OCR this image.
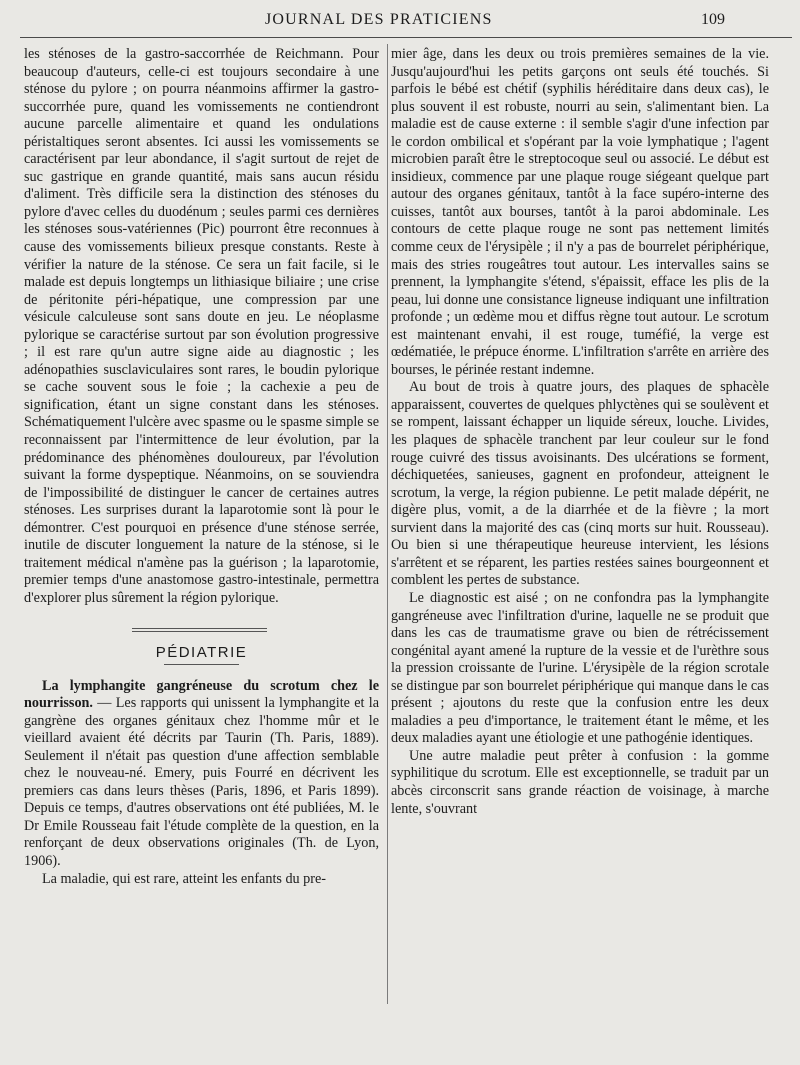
JOURNAL DES PRATICIENS	109

les sténoses de la gastro-saccorrhée de Reichmann. Pour beaucoup d'auteurs, celle-ci est toujours secondaire à une sténose du pylore ; on pourra néanmoins affirmer la gastro-succorrhée pure, quand les vomissements ne contiendront aucune parcelle alimentaire et quand les ondulations péristaltiques seront absentes. Ici aussi les vomissements se caractérisent par leur abondance, il s'agit surtout de rejet de suc gastrique en grande quantité, mais sans aucun résidu d'aliment. Très difficile sera la distinction des sténoses du pylore d'avec celles du duodénum ; seules parmi ces dernières les sténoses sous-vatériennes (Pic) pourront être reconnues à cause des vomissements bilieux presque constants. Reste à vérifier la nature de la sténose. Ce sera un fait facile, si le malade est depuis longtemps un lithiasique biliaire ; une crise de péritonite péri-hépatique, une compression par une vésicule calculeuse sont sans doute en jeu. Le néoplasme pylorique se caractérise surtout par son évolution progressive ; il est rare qu'un autre signe aide au diagnostic ; les adénopathies susclaviculaires sont rares, le boudin pylorique se cache souvent sous le foie ; la cachexie a peu de signification, étant un signe constant dans les sténoses. Schématiquement l'ulcère avec spasme ou le spasme simple se reconnaissent par l'intermittence de leur évolution, par la prédominance des phénomènes douloureux, par l'évolution suivant la forme dyspeptique. Néanmoins, on se souviendra de l'impossibilité de distinguer le cancer de certaines autres sténoses. Les surprises durant la laparotomie sont là pour le démontrer. C'est pourquoi en présence d'une sténose serrée, inutile de discuter longuement la nature de la sténose, si le traitement médical n'amène pas la guérison ; la laparotomie, premier temps d'une anastomose gastro-intestinale, permettra d'explorer plus sûrement la région pylorique.

PÉDIATRIE

La lymphangite gangréneuse du scrotum chez le nourrisson. — Les rapports qui unissent la lymphangite et la gangrène des organes génitaux chez l'homme mûr et le vieillard avaient été décrits par Taurin (Th. Paris, 1889). Seulement il n'était pas question d'une affection semblable chez le nouveau-né. Emery, puis Fourré en décrivent les premiers cas dans leurs thèses (Paris, 1896, et Paris 1899). Depuis ce temps, d'autres observations ont été publiées, M. le Dr Emile Rousseau fait l'étude complète de la question, en la renforçant de deux observations originales (Th. de Lyon, 1906).

La maladie, qui est rare, atteint les enfants du pre-

mier âge, dans les deux ou trois premières semaines de la vie. Jusqu'aujourd'hui les petits garçons ont seuls été touchés. Si parfois le bébé est chétif (syphilis héréditaire dans deux cas), le plus souvent il est robuste, nourri au sein, s'alimentant bien. La maladie est de cause externe : il semble s'agir d'une infection par le cordon ombilical et s'opérant par la voie lymphatique ; l'agent microbien paraît être le streptocoque seul ou associé. Le début est insidieux, commence par une plaque rouge siégeant quelque part autour des organes génitaux, tantôt à la face supéro-interne des cuisses, tantôt aux bourses, tantôt à la paroi abdominale. Les contours de cette plaque rouge ne sont pas nettement limités comme ceux de l'érysipèle ; il n'y a pas de bourrelet périphérique, mais des stries rougeâtres tout autour. Les intervalles sains se prennent, la lymphangite s'étend, s'épaissit, efface les plis de la peau, lui donne une consistance ligneuse indiquant une infiltration profonde ; un œdème mou et diffus règne tout autour. Le scrotum est maintenant envahi, il est rouge, tuméfié, la verge est œdématiée, le prépuce énorme. L'infiltration s'arrête en arrière des bourses, le périnée restant indemne.

Au bout de trois à quatre jours, des plaques de sphacèle apparaissent, couvertes de quelques phlyctènes qui se soulèvent et se rompent, laissant échapper un liquide séreux, louche. Livides, les plaques de sphacèle tranchent par leur couleur sur le fond rouge cuivré des tissus avoisinants. Des ulcérations se forment, déchiquetées, sanieuses, gagnent en profondeur, atteignent le scrotum, la verge, la région pubienne. Le petit malade dépérit, ne digère plus, vomit, a de la diarrhée et de la fièvre ; la mort survient dans la majorité des cas (cinq morts sur huit. Rousseau). Ou bien si une thérapeutique heureuse intervient, les lésions s'arrêtent et se réparent, les parties restées saines bourgeonnent et comblent les pertes de substance.

Le diagnostic est aisé ; on ne confondra pas la lymphangite gangréneuse avec l'infiltration d'urine, laquelle ne se produit que dans les cas de traumatisme grave ou bien de rétrécissement congénital ayant amené la rupture de la vessie et de l'urèthre sous la pression croissante de l'urine. L'érysipèle de la région scrotale se distingue par son bourrelet périphérique qui manque dans le cas présent ; ajoutons du reste que la confusion entre les deux maladies a peu d'importance, le traitement étant le même, et les deux maladies ayant une étiologie et une pathogénie identiques.

Une autre maladie peut prêter à confusion : la gomme syphilitique du scrotum. Elle est exceptionnelle, se traduit par un abcès circonscrit sans grande réaction de voisinage, à marche lente, s'ouvrant
